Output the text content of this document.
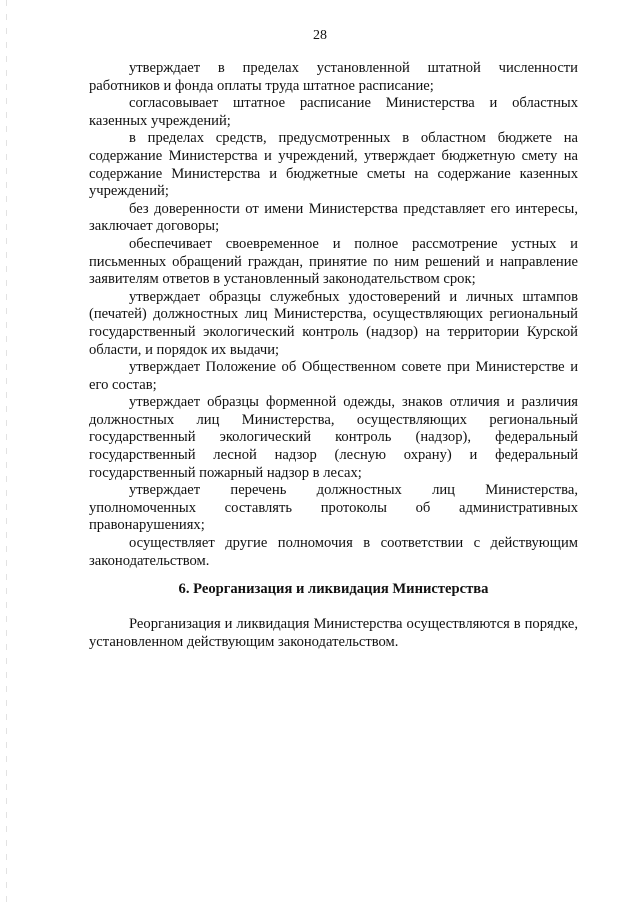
28

утверждает в пределах установленной штатной численности работников и фонда оплаты труда штатное расписание;

согласовывает штатное расписание Министерства и областных казенных учреждений;

в пределах средств, предусмотренных в областном бюджете на содержание Министерства и учреждений, утверждает бюджетную смету на содержание Министерства и бюджетные сметы на содержание казенных учреждений;

без доверенности от имени Министерства представляет его интересы, заключает договоры;

обеспечивает своевременное и полное рассмотрение устных и письменных обращений граждан, принятие по ним решений и направление заявителям ответов в установленный законодательством срок;

утверждает образцы служебных удостоверений и личных штампов (печатей) должностных лиц Министерства, осуществляющих региональный государственный экологический контроль (надзор) на территории Курской области, и порядок их выдачи;

утверждает Положение об Общественном совете при Министерстве и его состав;

утверждает образцы форменной одежды, знаков отличия и различия должностных лиц Министерства, осуществляющих региональный государственный экологический контроль (надзор), федеральный государственный лесной надзор (лесную охрану) и федеральный государственный пожарный надзор в лесах;

утверждает перечень должностных лиц Министерства, уполномоченных составлять протоколы об административных правонарушениях;

осуществляет другие полномочия в соответствии с действующим законодательством.

6. Реорганизация и ликвидация Министерства

Реорганизация и ликвидация Министерства осуществляются в порядке, установленном действующим законодательством.
